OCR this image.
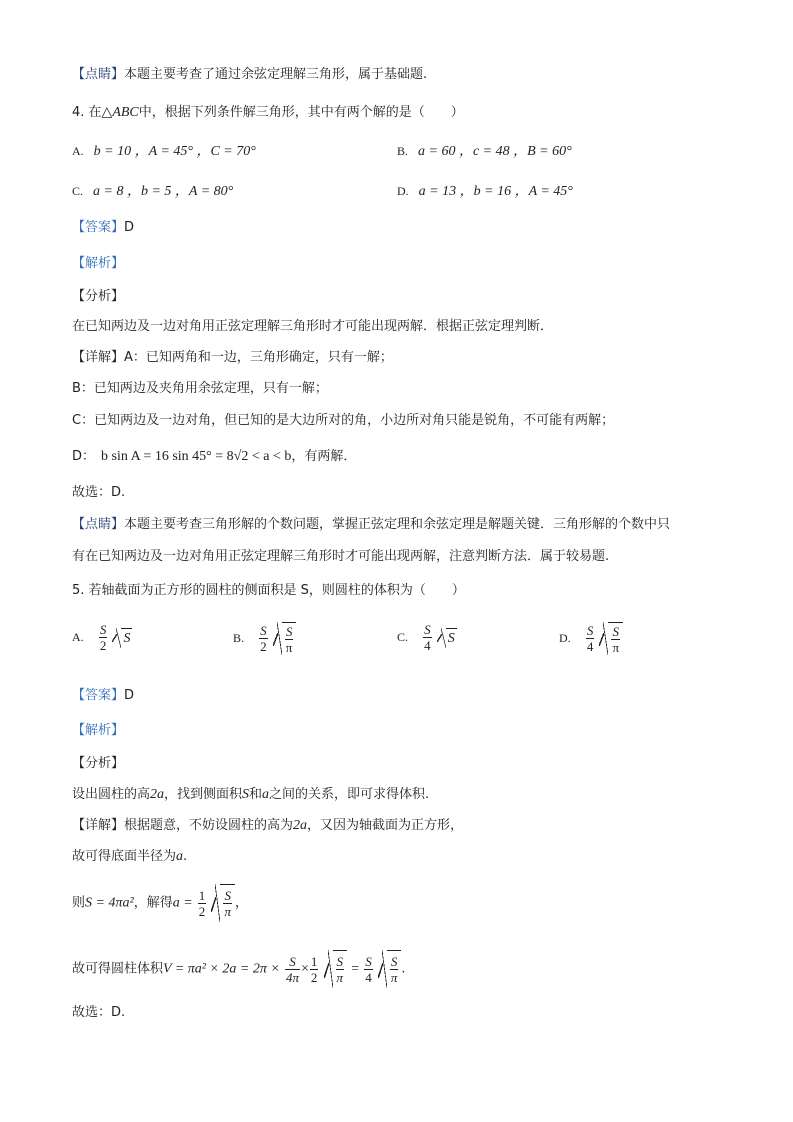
【点睛】本题主要考查了通过余弦定理解三角形，属于基础题.
4. 在△ABC中，根据下列条件解三角形，其中有两个解的是（　　）
A. b = 10 ，A = 45° ，C = 70°	B. a = 60 ，c = 48 ，B = 60°
C. a = 8 ，b = 5 ，A = 80°	D. a = 13 ，b = 16 ，A = 45°
【答案】D
【解析】
【分析】
在已知两边及一边对角用正弦定理解三角形时才可能出现两解．根据正弦定理判断．
【详解】A：已知两角和一边，三角形确定，只有一解；
B：已知两边及夹角用余弦定理，只有一解；
C：已知两边及一边对角，但已知的是大边所对的角，小边所对角只能是锐角，不可能有两解；
D： b sin A = 16 sin 45° = 8√2 < a < b，有两解．
故选：D.
【点睛】本题主要考查三角形解的个数问题，掌握正弦定理和余弦定理是解题关键．三角形解的个数中只
有在已知两边及一边对角用正弦定理解三角形时才可能出现两解，注意判断方法．属于较易题.
5. 若轴截面为正方形的圆柱的侧面积是 S，则圆柱的体积为（　　）
A. $\frac{S}{2}$ S	B. $\frac{S}{2}$
$\frac{S}{\pi}$	C. $\frac{S}{4}$ S	D. $\frac{S}{4}$
$\frac{S}{\pi}$
【答案】D
【解析】
【分析】
设出圆柱的高2a，找到侧面积S和a之间的关系，即可求得体积.
【详解】根据题意，不妨设圆柱的高为2a，又因为轴截面为正方形，
故可得底面半径为a.
则S = 4πa²，解得$a = \frac{1}{2}$
$\frac{S}{\pi}$ ，
故可得圆柱体积$V = \pi a^2 \times 2a = 2\pi \times \frac{S}{4\pi} \times \frac{1}{2}$
$\frac{S}{\pi} = \frac{S}{4}$
$\frac{S}{\pi}$ .
故选：D.
